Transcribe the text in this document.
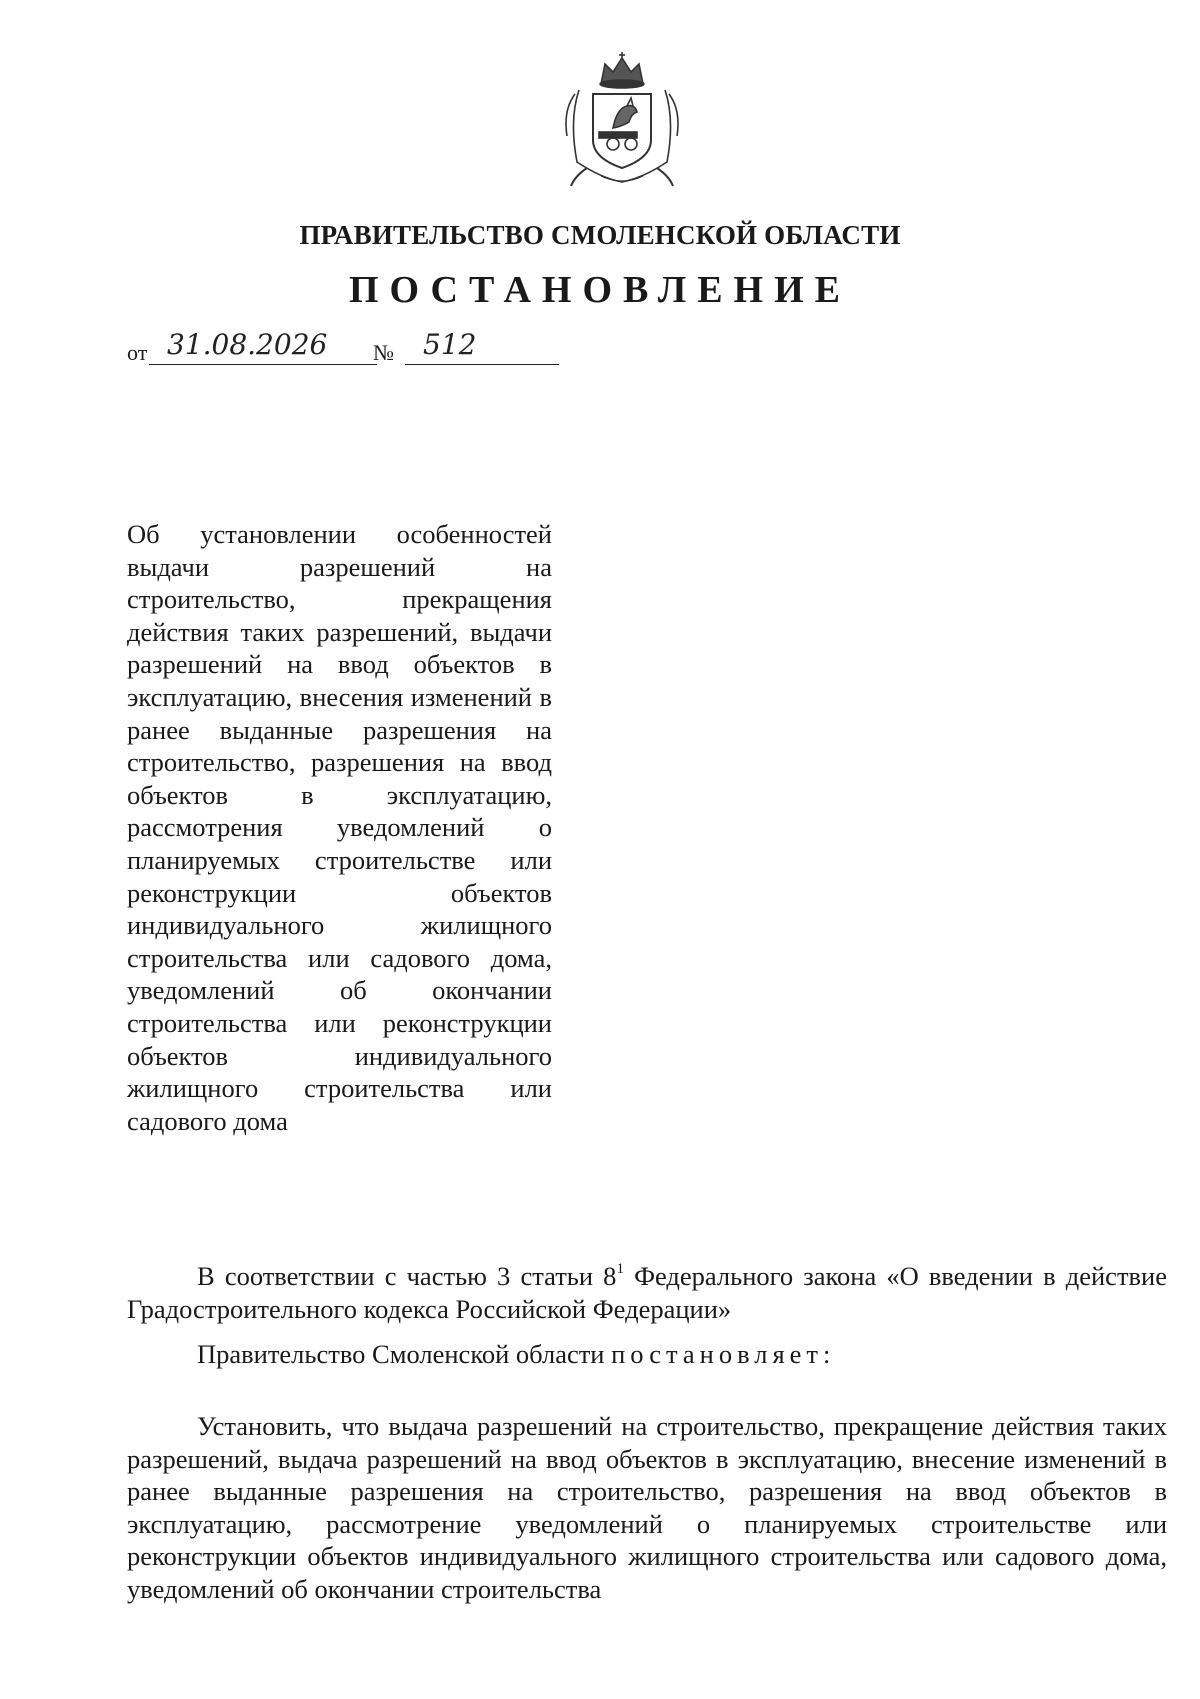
ПРАВИТЕЛЬСТВО СМОЛЕНСКОЙ ОБЛАСТИ
ПОСТАНОВЛЕНИЕ
от 31.08.2026	№	512
Об установлении особенностей выдачи разрешений на строительство, прекращения действия таких разрешений, выдачи разрешений на ввод объектов в эксплуатацию, внесения изменений в ранее выданные разрешения на строительство, разрешения на ввод объектов в эксплуатацию, рассмотрения уведомлений о планируемых строительстве или реконструкции объектов индивидуального жилищного строительства или садового дома, уведомлений об окончании строительства или реконструкции объектов индивидуального жилищного строительства или садового дома

В соответствии с частью 3 статьи $8^1$ Федерального закона «О введении в действие Градостроительного кодекса Российской Федерации»

Правительство Смоленской области постановляет:

Установить, что выдача разрешений на строительство, прекращение действия таких разрешений, выдача разрешений на ввод объектов в эксплуатацию, внесение изменений в ранее выданные разрешения на строительство, разрешения на ввод объектов в эксплуатацию, рассмотрение уведомлений о планируемых строительстве или реконструкции объектов индивидуального жилищного строительства или садового дома, уведомлений об окончании строительства
